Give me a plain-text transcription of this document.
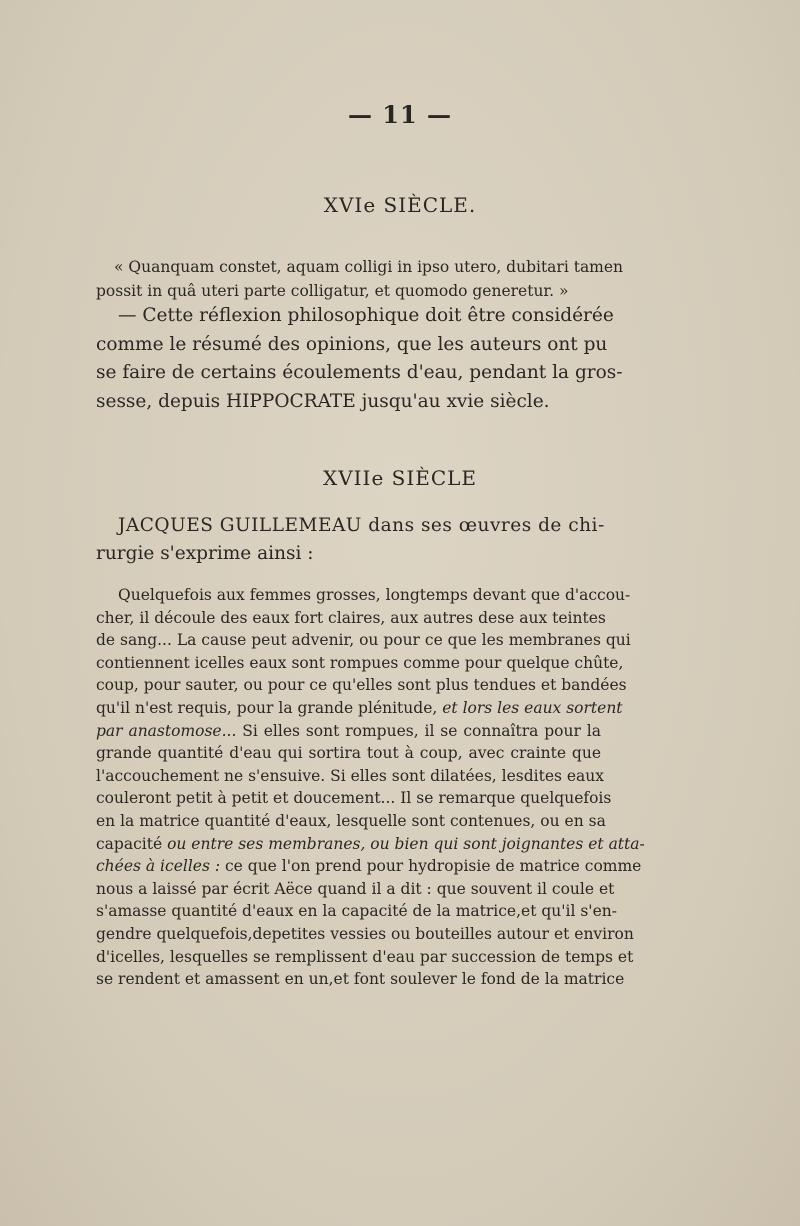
— 11 —
XVIe SIÈCLE.
« Quanquam constet, aquam colligi in ipso utero, dubitari tamen
possit in quâ uteri parte colligatur, et quomodo generetur. »
— Cette réflexion philosophique doit être considérée
comme le résumé des opinions, que les auteurs ont pu
se faire de certains écoulements d'eau, pendant la gros-
sesse, depuis HIPPOCRATE jusqu'au xvie siècle.
XVIIe SIÈCLE
JACQUES GUILLEMEAU dans ses œuvres de chi-
rurgie s'exprime ainsi :
Quelquefois aux femmes grosses, longtemps devant que d'accou-
cher, il découle des eaux fort claires, aux autres dese aux teintes
de sang... La cause peut advenir, ou pour ce que les membranes qui
contiennent icelles eaux sont rompues comme pour quelque chûte,
coup, pour sauter, ou pour ce qu'elles sont plus tendues et bandées
qu'il n'est requis, pour la grande plénitude, et lors les eaux sortent
par anastomose... Si elles sont rompues, il se connaîtra pour la
grande quantité d'eau qui sortira tout à coup, avec crainte que
l'accouchement ne s'ensuive. Si elles sont dilatées, lesdites eaux
couleront petit à petit et doucement... Il se remarque quelquefois
en la matrice quantité d'eaux, lesquelle sont contenues, ou en sa
capacité ou entre ses membranes, ou bien qui sont joignantes et atta-
chées à icelles : ce que l'on prend pour hydropisie de matrice comme
nous a laissé par écrit Aëce quand il a dit : que souvent il coule et
s'amasse quantité d'eaux en la capacité de la matrice,et qu'il s'en-
gendre quelquefois,depetites vessies ou bouteilles autour et environ
d'icelles, lesquelles se remplissent d'eau par succession de temps et
se rendent et amassent en un,et font soulever le fond de la matrice
